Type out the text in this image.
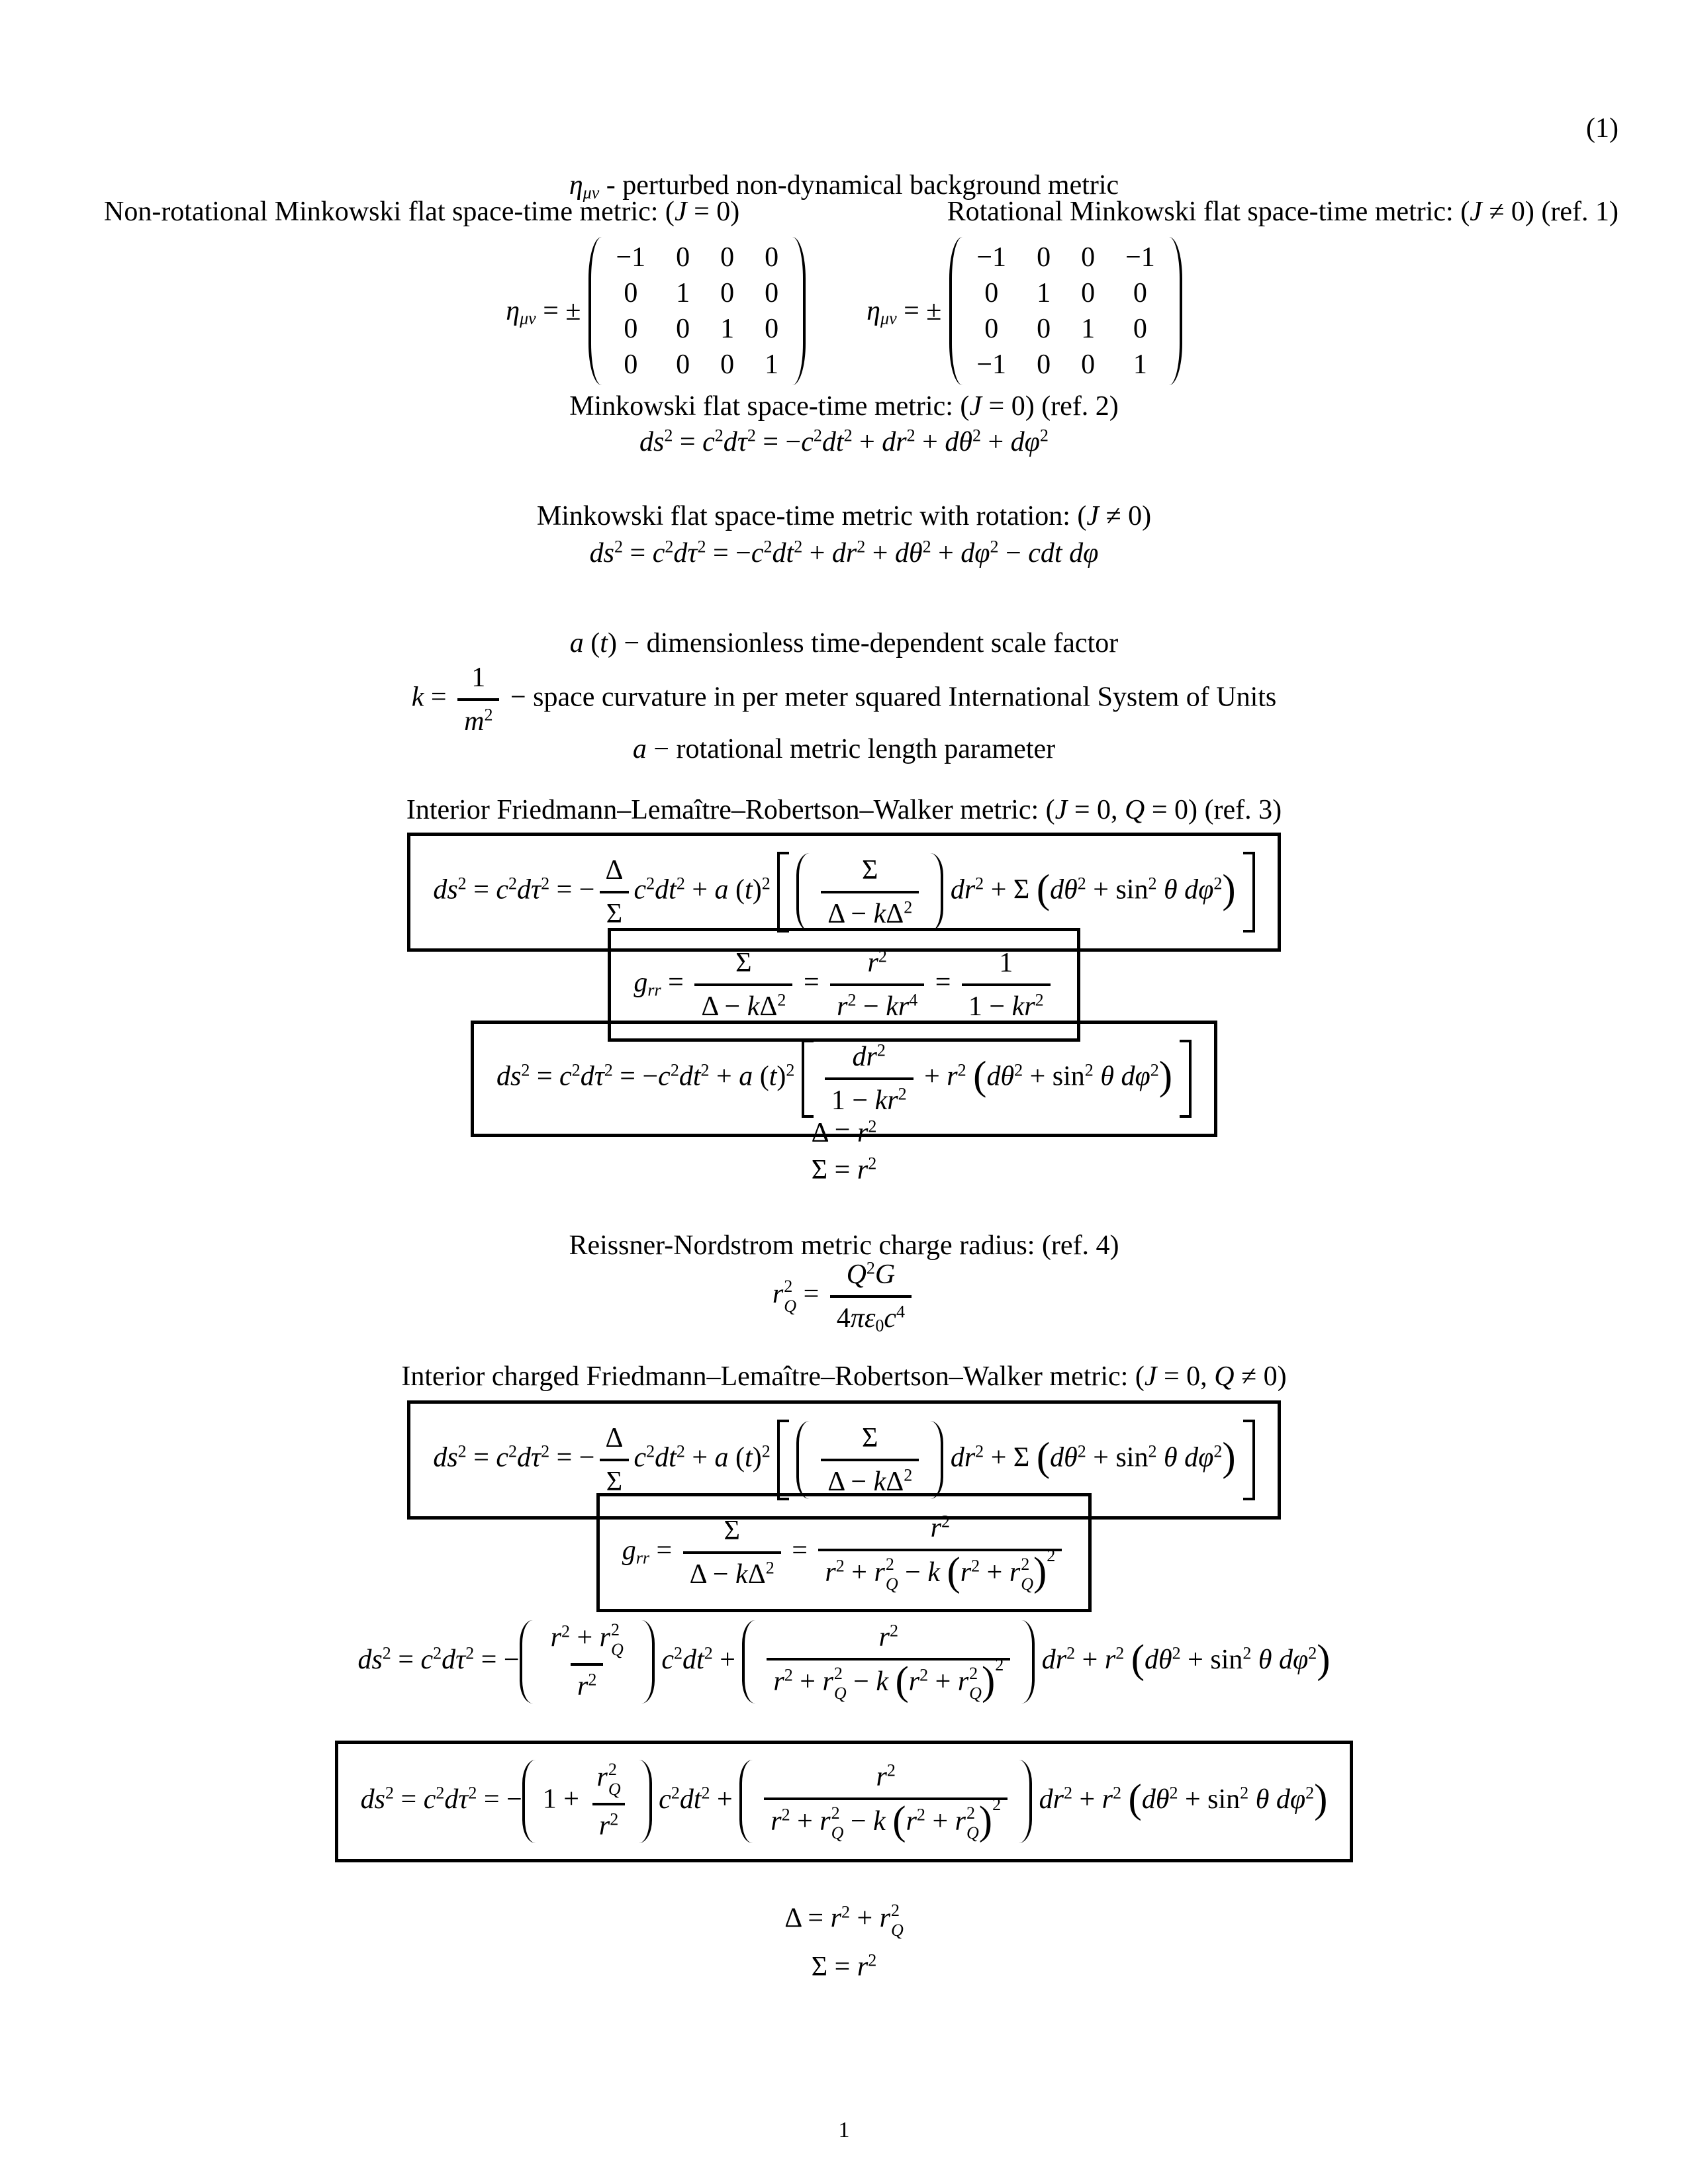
(1)
$\eta_{\mu\nu}$ - perturbed non-dynamical background metric
Non-rotational Minkowski flat space-time metric: (J = 0)	Rotational Minkowski flat space-time metric: (J ≠ 0) (ref. 1)
$\eta_{\mu\nu}$ = ±
−1 0 0 0
0 1 0 0
0 0 1 0
0 0 0 1
$\eta_{\mu\nu}$ = ±
−1 0 0 −1
0 1 0 0
0 0 1 0
−1 0 0 1
Minkowski flat space-time metric: (J = 0) (ref. 2)
$ds^2 = c^2d\tau^2 = -c^2dt^2 + dr^2 + d\theta^2 + d\varphi^2$
Minkowski flat space-time metric with rotation: (J ≠ 0)
$ds^2 = c^2d\tau^2 = -c^2dt^2 + dr^2 + d\theta^2 + d\varphi^2$ − cdt dφ
a (t) − dimensionless time-dependent scale factor
$k = \frac{1}{m^2}$ − space curvature in per meter squared International System of Units
a − rotational metric length parameter
Interior Friedmann–Lemaître–Robertson–Walker metric: (J = 0, Q = 0) (ref. 3)
$ds^2 = c^2d\tau^2$ = − $\frac{\Delta}{\Sigma} c^2dt^2 + a$ $(t)^2 \frac{\Sigma}{\Delta - k\Delta^2} dr^2 + \Sigma$ ($d\theta^2 + \sin^2 \theta$ $d\varphi^2$)
$g_{rr} = \frac{\Sigma}{\Delta - k\Delta^2} = \frac{r^2}{r^2 - kr^4} = \frac{1}{1 - kr^2}$
$ds^2 = c^2d\tau^2 = -c^2dt^2 + a$ $(t)^2 \frac{dr^2}{1 - kr^2} + r^2$ ($d\theta^2 + \sin^2 \theta$ $d\varphi^2$)
$\Delta = r^2$
$\Sigma = r^2$
Reissner-Nordstrom metric charge radius: (ref. 4)
r 2
$Q = \frac{Q^2G}{4\pi\varepsilon_0c^4}$
Interior charged Friedmann–Lemaître–Robertson–Walker metric: (J = 0, Q ≠ 0)
$ds^2 = c^2d\tau^2$ = − $\frac{\Delta}{\Sigma} c^2dt^2 + a$ $(t)^2 \frac{\Sigma}{\Delta - k\Delta^2} dr^2 + \Sigma$ ($d\theta^2 + \sin^2 \theta$ $d\varphi^2$)
$g_{rr} = \frac{\Sigma}{\Delta - k\Delta^2} = r^2$
$r^2 + r$ 2
Q − k ($r^2 + r$ 2
Q )$^2$
$ds^2 = c^2d\tau^2$ = − $r^2 + r$ 2
Q
$r^2$ $c^2dt^2 + r^2$
$r^2 + r$ 2
Q − k ($r^2 + r$ 2
Q )$^2$ $dr^2 + r^2$ ($d\theta^2 + \sin^2 \theta$ $d\varphi^2$)
$ds^2 = c^2d\tau^2$ = − 1 + r 2
Q
$r^2$ $c^2dt^2 + r^2$
$r^2 + r$ 2
Q − k ($r^2 + r$ 2
Q )$^2$ $dr^2 + r^2$ ($d\theta^2 + \sin^2 \theta$ $d\varphi^2$)
$\Delta = r^2 + r$ 2
Q
$\Sigma = r^2$
1
